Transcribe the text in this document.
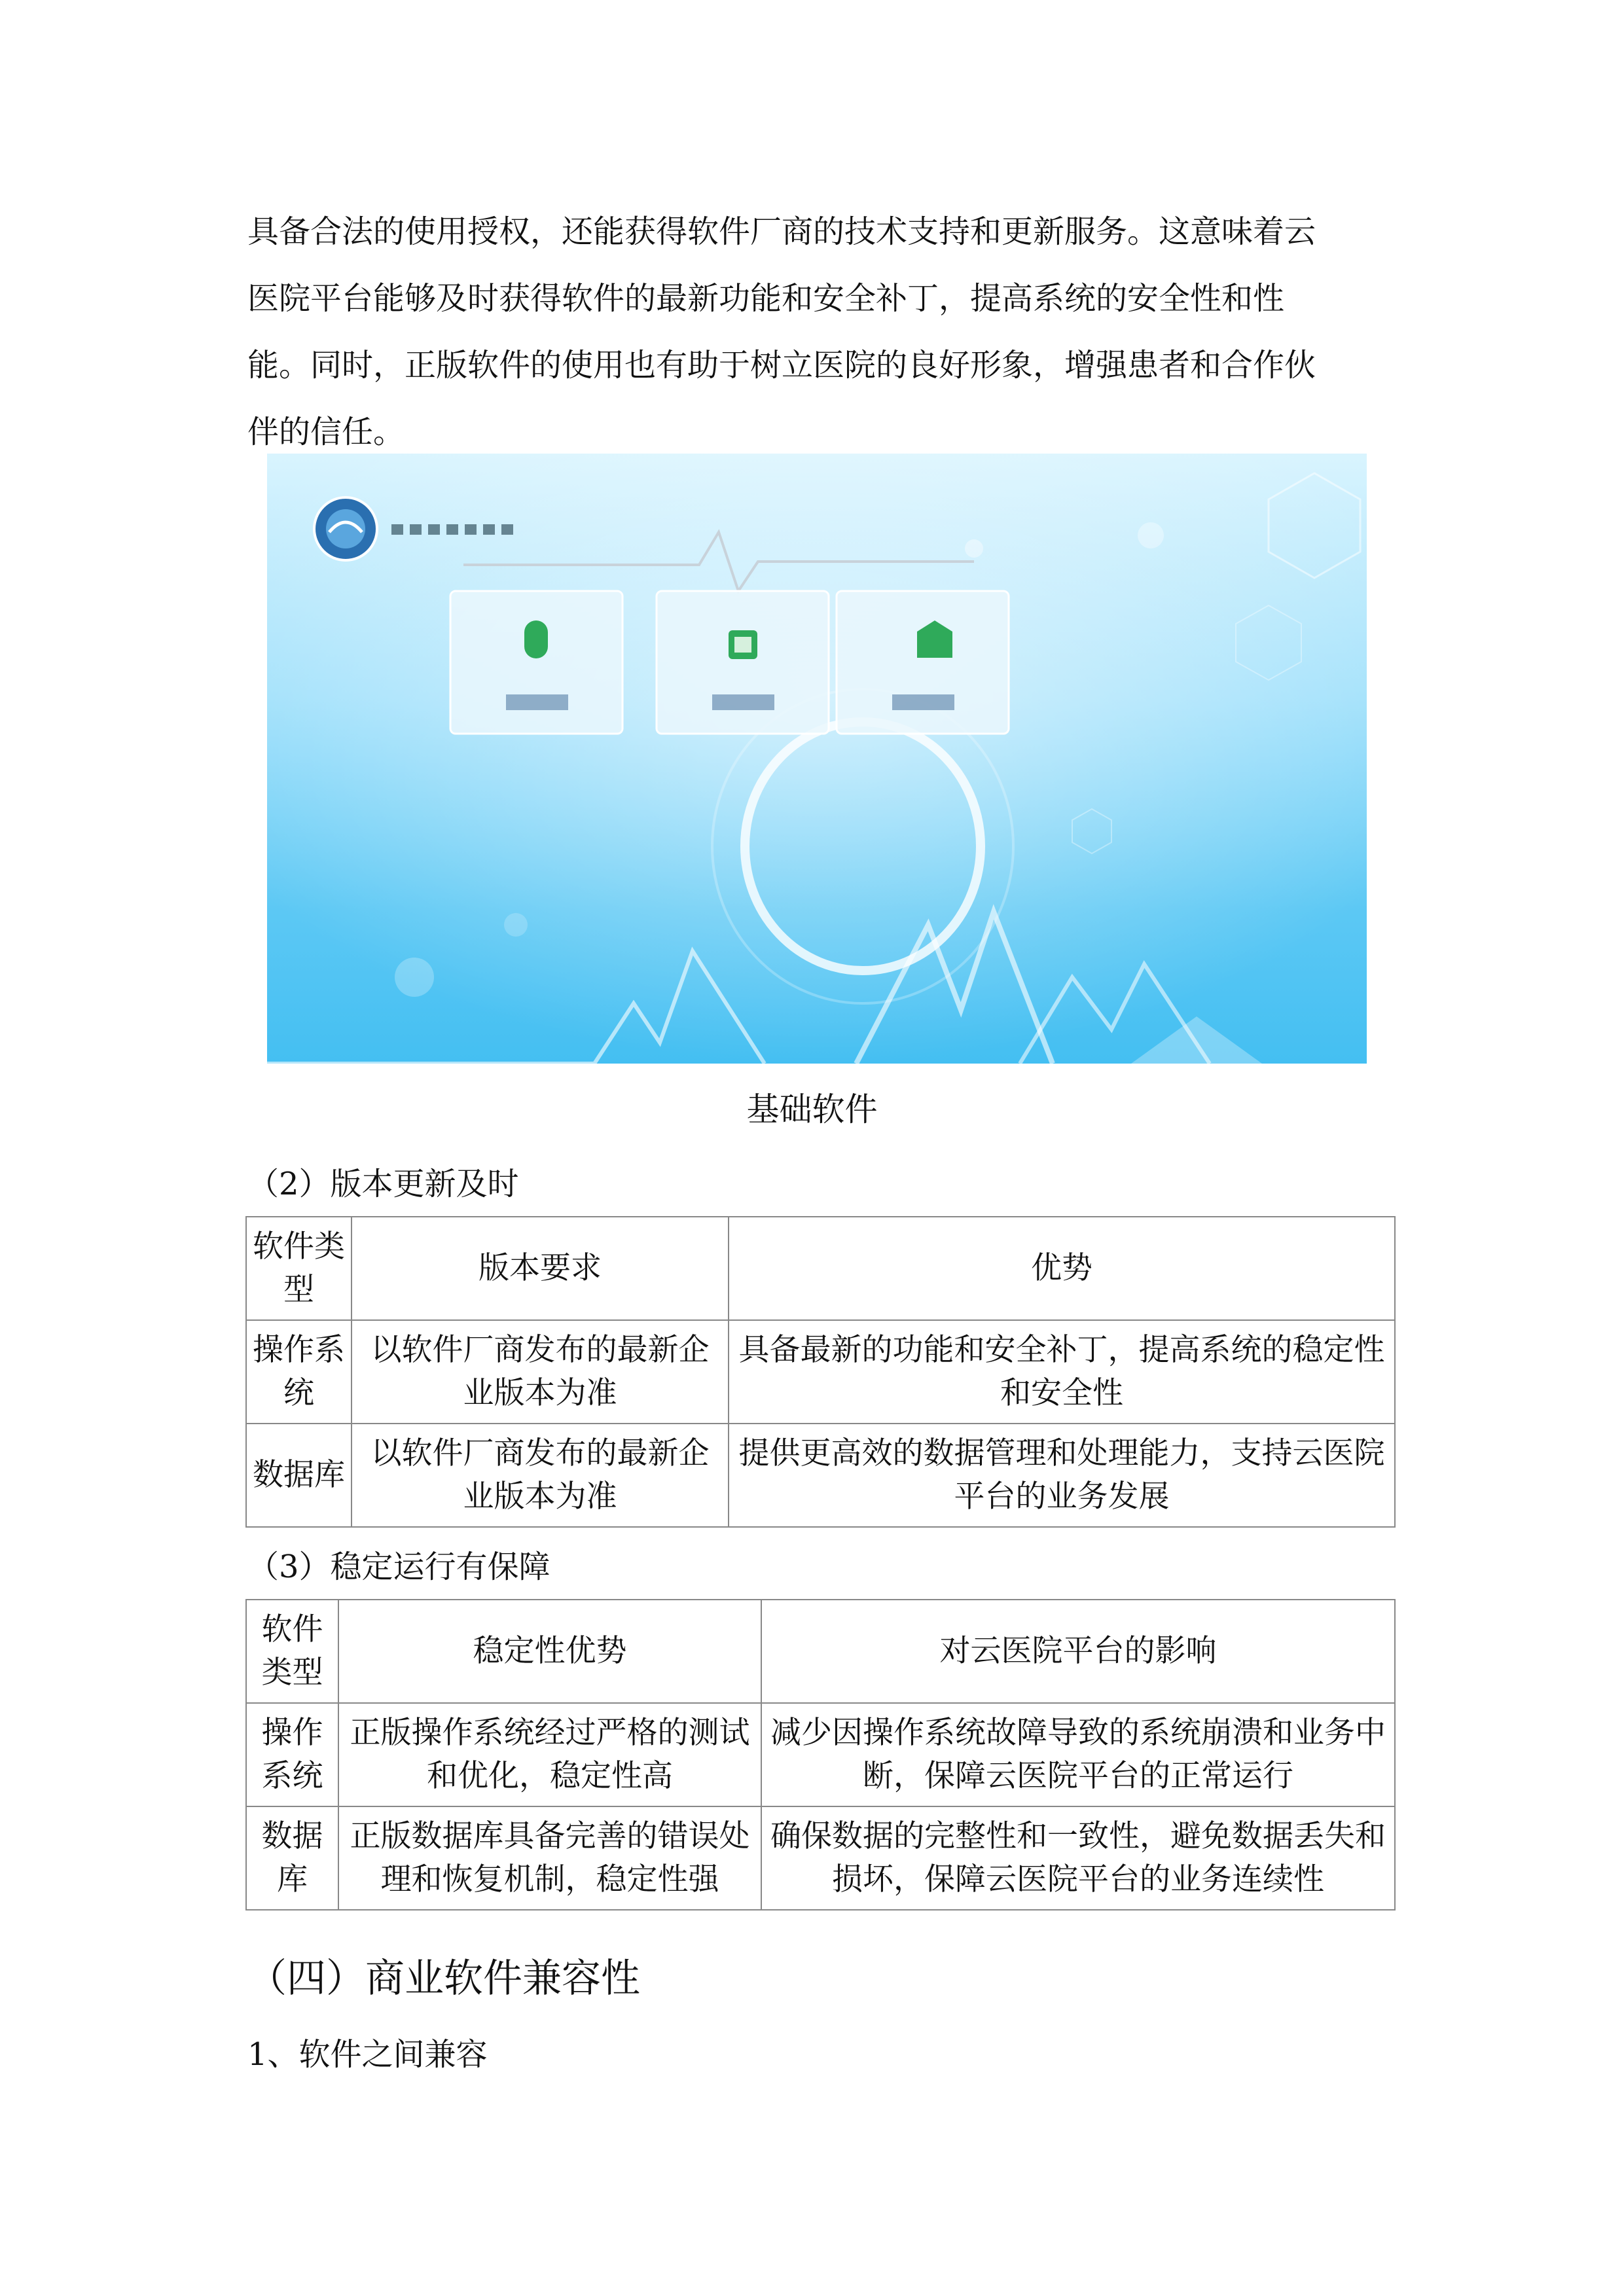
具备合法的使用授权，还能获得软件厂商的技术支持和更新服务。这意味着云
医院平台能够及时获得软件的最新功能和安全补丁，提高系统的安全性和性
能。同时，正版软件的使用也有助于树立医院的良好形象，增强患者和合作伙
伴的信任。
基础软件
（2）版本更新及时
软件类型	版本要求	优势
操作系统	以软件厂商发布的最新企业版本为准	具备最新的功能和安全补丁，提高系统的稳定性和安全性
数据库	以软件厂商发布的最新企业版本为准	提供更高效的数据管理和处理能力，支持云医院平台的业务发展
（3）稳定运行有保障
软件类型	稳定性优势	对云医院平台的影响
操作系统	正版操作系统经过严格的测试和优化，稳定性高	减少因操作系统故障导致的系统崩溃和业务中断，保障云医院平台的正常运行
数据库	正版数据库具备完善的错误处理和恢复机制，稳定性强	确保数据的完整性和一致性，避免数据丢失和损坏，保障云医院平台的业务连续性
（四）商业软件兼容性
1、软件之间兼容
